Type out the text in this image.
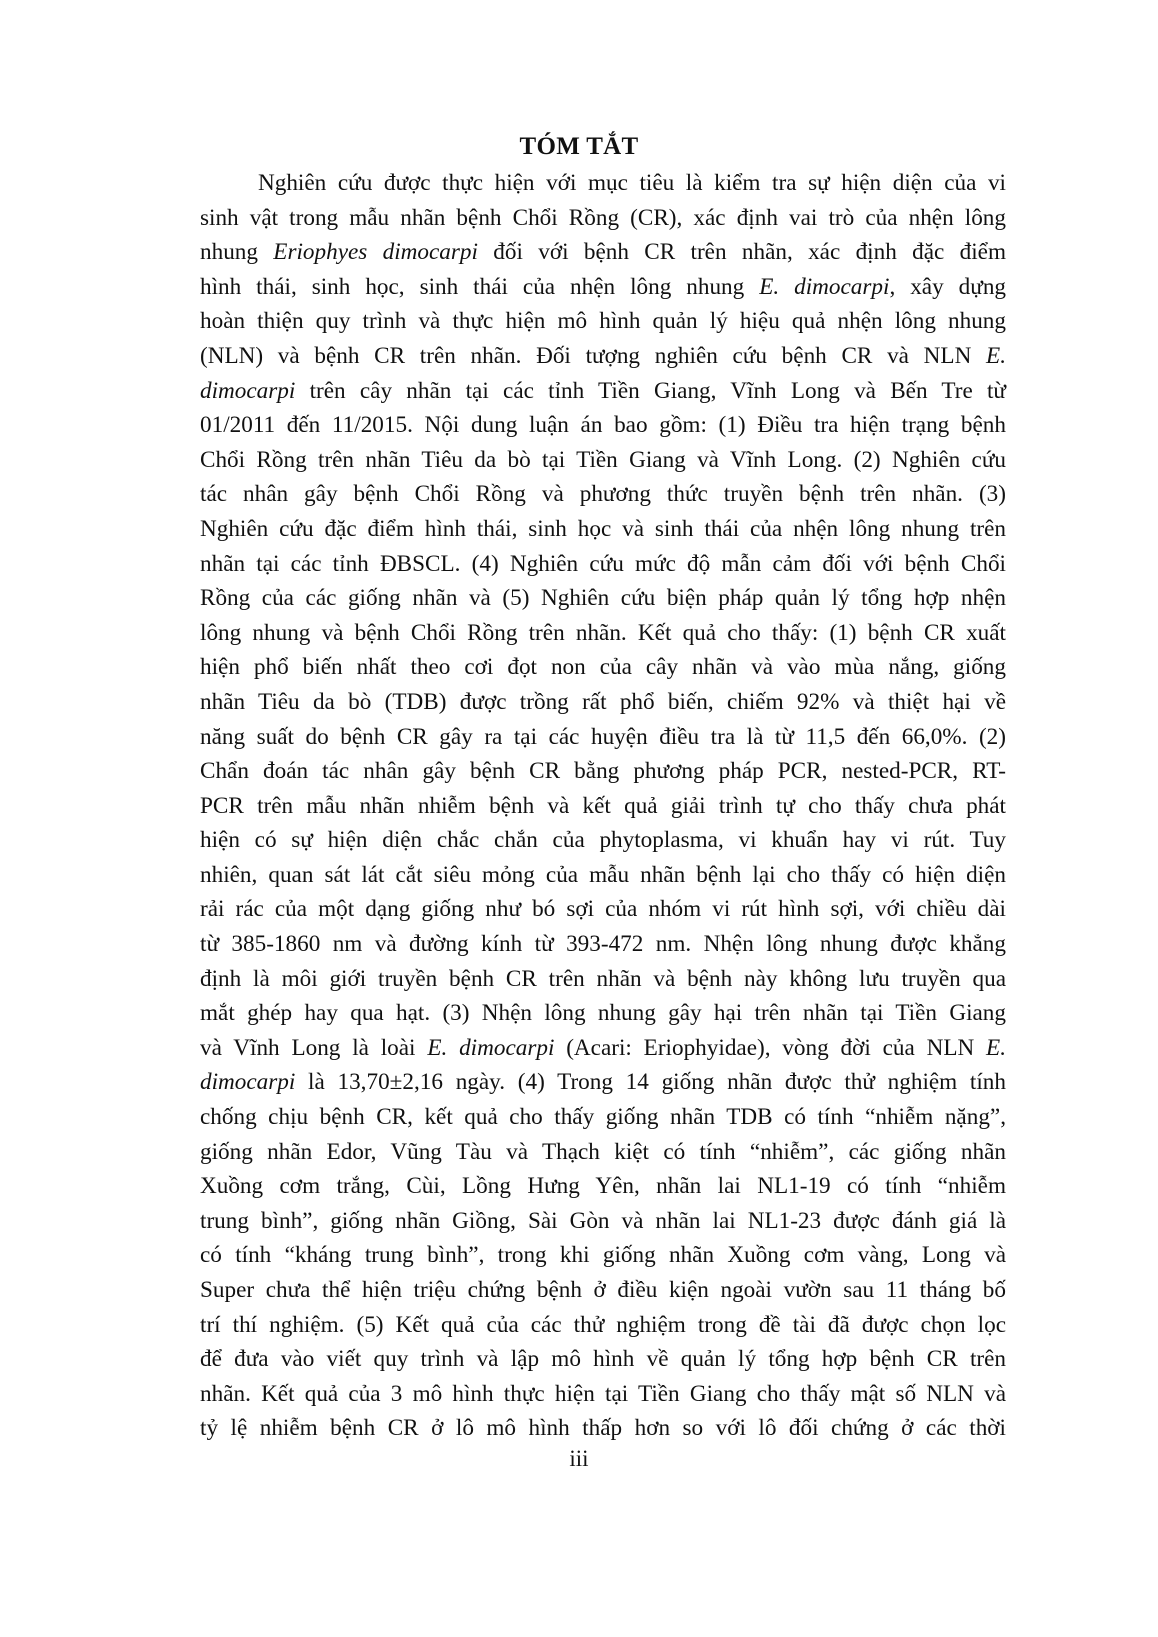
TÓM TẮT
Nghiên cứu được thực hiện với mục tiêu là kiểm tra sự hiện diện của vi
sinh vật trong mẫu nhãn bệnh Chổi Rồng (CR), xác định vai trò của nhện lông
nhung Eriophyes dimocarpi đối với bệnh CR trên nhãn, xác định đặc điểm
hình thái, sinh học, sinh thái của nhện lông nhung E. dimocarpi, xây dựng
hoàn thiện quy trình và thực hiện mô hình quản lý hiệu quả nhện lông nhung
(NLN) và bệnh CR trên nhãn. Đối tượng nghiên cứu bệnh CR và NLN E.
dimocarpi trên cây nhãn tại các tỉnh Tiền Giang, Vĩnh Long và Bến Tre từ
01/2011 đến 11/2015. Nội dung luận án bao gồm: (1) Điều tra hiện trạng bệnh
Chổi Rồng trên nhãn Tiêu da bò tại Tiền Giang và Vĩnh Long. (2) Nghiên cứu
tác nhân gây bệnh Chổi Rồng và phương thức truyền bệnh trên nhãn. (3)
Nghiên cứu đặc điểm hình thái, sinh học và sinh thái của nhện lông nhung trên
nhãn tại các tỉnh ĐBSCL. (4) Nghiên cứu mức độ mẫn cảm đối với bệnh Chổi
Rồng của các giống nhãn và (5) Nghiên cứu biện pháp quản lý tổng hợp nhện
lông nhung và bệnh Chổi Rồng trên nhãn. Kết quả cho thấy: (1) bệnh CR xuất
hiện phổ biến nhất theo cơi đọt non của cây nhãn và vào mùa nắng, giống
nhãn Tiêu da bò (TDB) được trồng rất phổ biến, chiếm 92% và thiệt hại về
năng suất do bệnh CR gây ra tại các huyện điều tra là từ 11,5 đến 66,0%. (2)
Chẩn đoán tác nhân gây bệnh CR bằng phương pháp PCR, nested-PCR, RT-
PCR trên mẫu nhãn nhiễm bệnh và kết quả giải trình tự cho thấy chưa phát
hiện có sự hiện diện chắc chắn của phytoplasma, vi khuẩn hay vi rút. Tuy
nhiên, quan sát lát cắt siêu mỏng của mẫu nhãn bệnh lại cho thấy có hiện diện
rải rác của một dạng giống như bó sợi của nhóm vi rút hình sợi, với chiều dài
từ 385-1860 nm và đường kính từ 393-472 nm. Nhện lông nhung được khẳng
định là môi giới truyền bệnh CR trên nhãn và bệnh này không lưu truyền qua
mắt ghép hay qua hạt. (3) Nhện lông nhung gây hại trên nhãn tại Tiền Giang
và Vĩnh Long là loài E. dimocarpi (Acari: Eriophyidae), vòng đời của NLN E.
dimocarpi là 13,70±2,16 ngày. (4) Trong 14 giống nhãn được thử nghiệm tính
chống chịu bệnh CR, kết quả cho thấy giống nhãn TDB có tính “nhiễm nặng”,
giống nhãn Edor, Vũng Tàu và Thạch kiệt có tính “nhiễm”, các giống nhãn
Xuồng cơm trắng, Cùi, Lồng Hưng Yên, nhãn lai NL1-19 có tính “nhiễm
trung bình”, giống nhãn Giồng, Sài Gòn và nhãn lai NL1-23 được đánh giá là
có tính “kháng trung bình”, trong khi giống nhãn Xuồng cơm vàng, Long và
Super chưa thể hiện triệu chứng bệnh ở điều kiện ngoài vườn sau 11 tháng bố
trí thí nghiệm. (5) Kết quả của các thử nghiệm trong đề tài đã được chọn lọc
để đưa vào viết quy trình và lập mô hình về quản lý tổng hợp bệnh CR trên
nhãn. Kết quả của 3 mô hình thực hiện tại Tiền Giang cho thấy mật số NLN và
tỷ lệ nhiễm bệnh CR ở lô mô hình thấp hơn so với lô đối chứng ở các thời
iii
